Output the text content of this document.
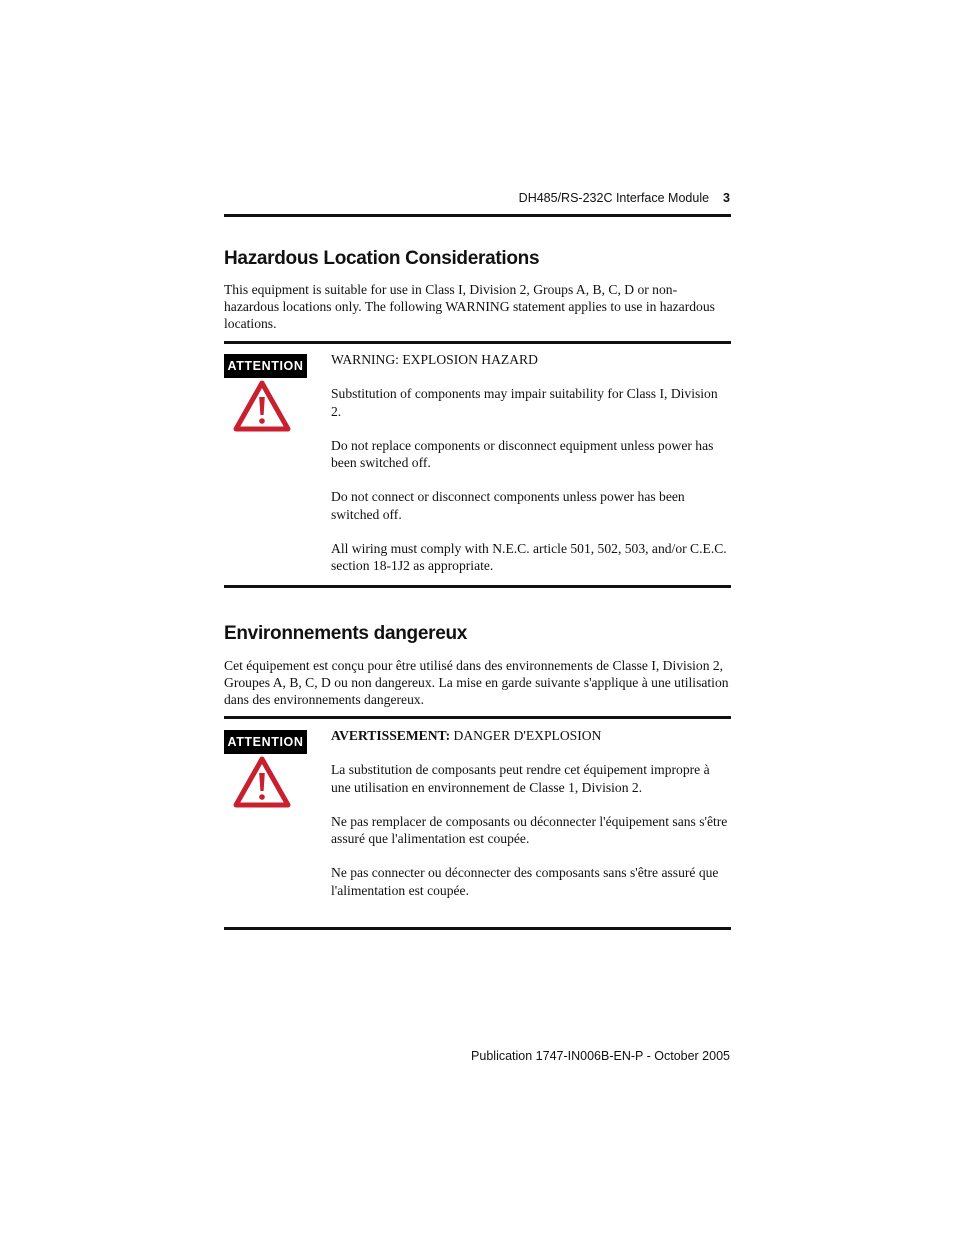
DH485/RS-232C Interface Module 3
Hazardous Location Considerations

This equipment is suitable for use in Class I, Division 2, Groups A, B, C, D or non-hazardous locations only. The following WARNING statement applies to use in hazardous locations.

ATTENTION WARNING: EXPLOSION HAZARD

Substitution of components may impair suitability for Class I, Division 2.

Do not replace components or disconnect equipment unless power has been switched off.

Do not connect or disconnect components unless power has been switched off.

All wiring must comply with N.E.C. article 501, 502, 503, and/or C.E.C. section 18-1J2 as appropriate.

Environnements dangereux

Cet équipement est conçu pour être utilisé dans des environnements de Classe I, Division 2, Groupes A, B, C, D ou non dangereux. La mise en garde suivante s'applique à une utilisation dans des environnements dangereux.

ATTENTION AVERTISSEMENT: DANGER D'EXPLOSION

La substitution de composants peut rendre cet équipement impropre à une utilisation en environnement de Classe 1, Division 2.

Ne pas remplacer de composants ou déconnecter l'équipement sans s'être assuré que l'alimentation est coupée.

Ne pas connecter ou déconnecter des composants sans s'être assuré que l'alimentation est coupée.

Publication 1747-IN006B-EN-P - October 2005
